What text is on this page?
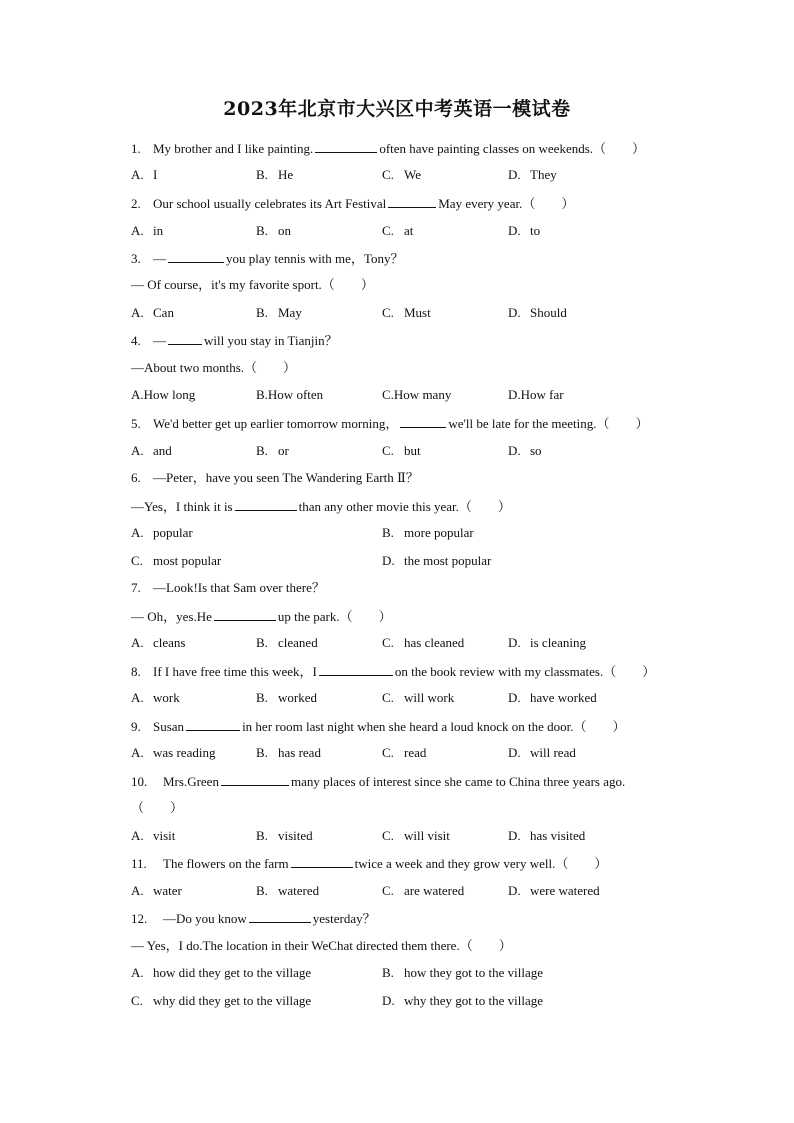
2023年北京市大兴区中考英语一模试卷
1. My brother and I like painting.	often have painting classes on weekends.（ ）
A. I	B. He	C. We	D. They
2. Our school usually celebrates its Art Festival	May every year.（ ）
A. in	B. on	C. at	D. to
3. —	you play tennis with me，Tony？
— Of course，it's my favorite sport.（ ）
A. Can	B. May	C. Must	D. Should
4. —	will you stay in Tianjin？
—About two months.（ ）
A.How long	B.How often	C.How many	D.How far
5. We'd better get up earlier tomorrow morning，	we'll be late for the meeting.（ ）
A. and	B. or	C. but	D. so
6. —Peter，have you seen The Wandering Earth Ⅱ？
—Yes，I think it is	than any other movie this year.（ ）
A. popular	B. more popular
C. most popular	D. the most popular
7. —Look!Is that Sam over there？
— Oh，yes.He	up the park.（ ）
A. cleans	B. cleaned	C. has cleaned	D. is cleaning
8. If I have free time this week，I	on the book review with my classmates.（ ）
A. work	B. worked	C. will work	D. have worked
9. Susan	in her room last night when she heard a loud knock on the door.（ ）
A. was reading	B. has read	C. read	D. will read
10. Mrs.Green	many places of interest since she came to China three years ago.
（ ）
A. visit	B. visited	C. will visit	D. has visited
11. The flowers on the farm	twice a week and they grow very well.（ ）
A. water	B. watered	C. are watered	D. were watered
12. —Do you know	yesterday？
— Yes，I do.The location in their WeChat directed them there.（ ）
A. how did they get to the village	B. how they got to the village
C. why did they get to the village	D. why they got to the village
